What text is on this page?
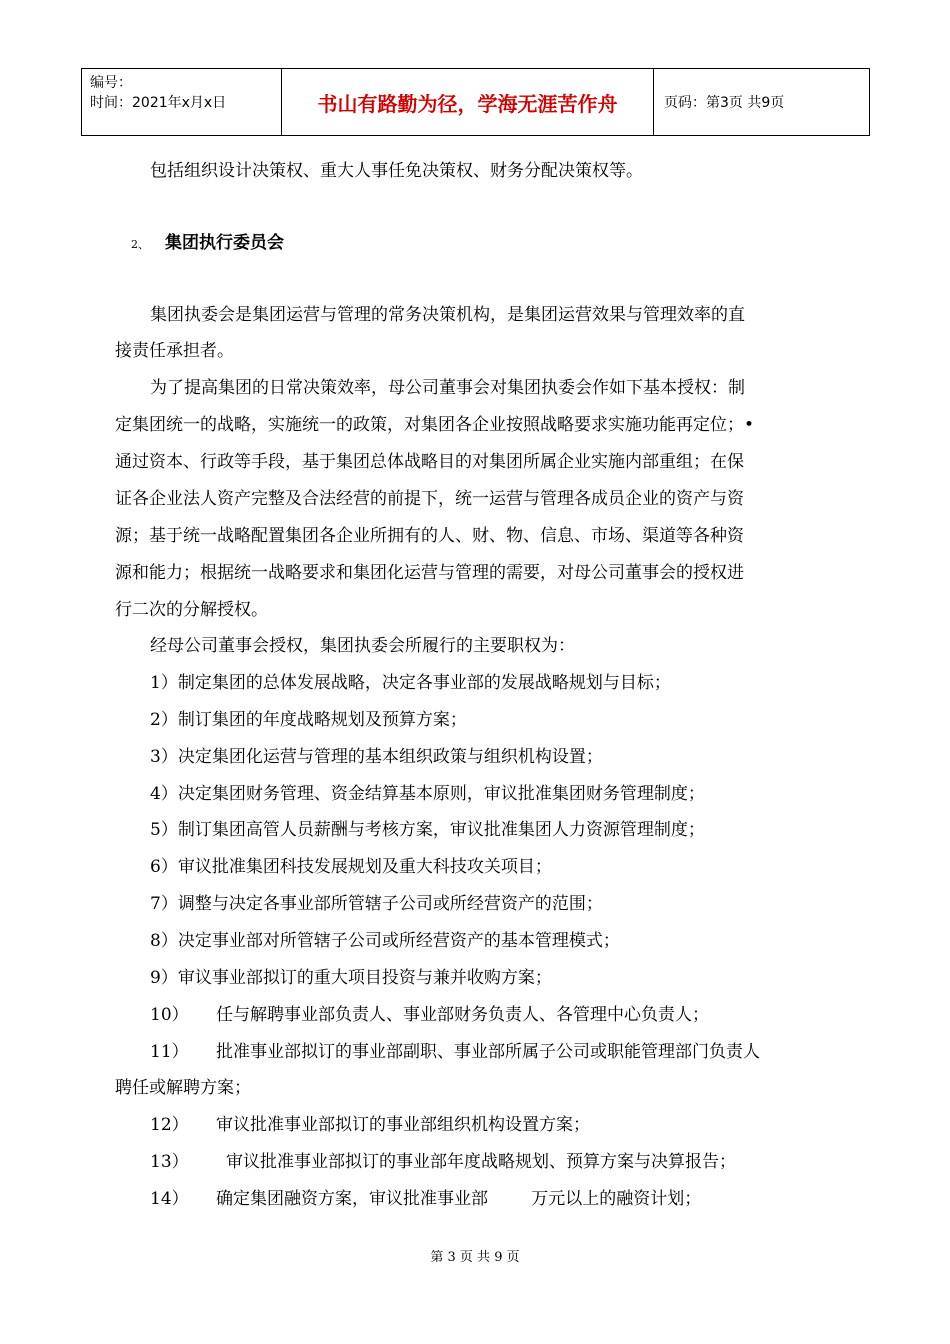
编号：
时间：2021年x月x日	书山有路勤为径，学海无涯苦作舟	页码：第3页 共9页
包括组织设计决策权、重大人事任免决策权、财务分配决策权等。
2、 集团执行委员会
集团执委会是集团运营与管理的常务决策机构，是集团运营效果与管理效率的直
接责任承担者。
为了提高集团的日常决策效率，母公司董事会对集团执委会作如下基本授权：制
定集团统一的战略，实施统一的政策，对集团各企业按照战略要求实施功能再定位；•
通过资本、行政等手段，基于集团总体战略目的对集团所属企业实施内部重组；在保
证各企业法人资产完整及合法经营的前提下，统一运营与管理各成员企业的资产与资
源；基于统一战略配置集团各企业所拥有的人、财、物、信息、市场、渠道等各种资
源和能力；根据统一战略要求和集团化运营与管理的需要，对母公司董事会的授权进
行二次的分解授权。
经母公司董事会授权，集团执委会所履行的主要职权为：
1）制定集团的总体发展战略，决定各事业部的发展战略规划与目标；
2）制订集团的年度战略规划及预算方案；
3）决定集团化运营与管理的基本组织政策与组织机构设置；
4）决定集团财务管理、资金结算基本原则，审议批准集团财务管理制度；
5）制订集团高管人员薪酬与考核方案，审议批准集团人力资源管理制度；
6）审议批准集团科技发展规划及重大科技攻关项目；
7）调整与决定各事业部所管辖子公司或所经营资产的范围；
8）决定事业部对所管辖子公司或所经营资产的基本管理模式；
9）审议事业部拟订的重大项目投资与兼并收购方案；
10） 任与解聘事业部负责人、事业部财务负责人、各管理中心负责人；
11） 批准事业部拟订的事业部副职、事业部所属子公司或职能管理部门负责人
聘任或解聘方案；
12） 审议批准事业部拟订的事业部组织机构设置方案；
13） 审议批准事业部拟订的事业部年度战略规划、预算方案与决算报告；
14） 确定集团融资方案，审议批准事业部        万元以上的融资计划；
第 3 页 共 9 页
